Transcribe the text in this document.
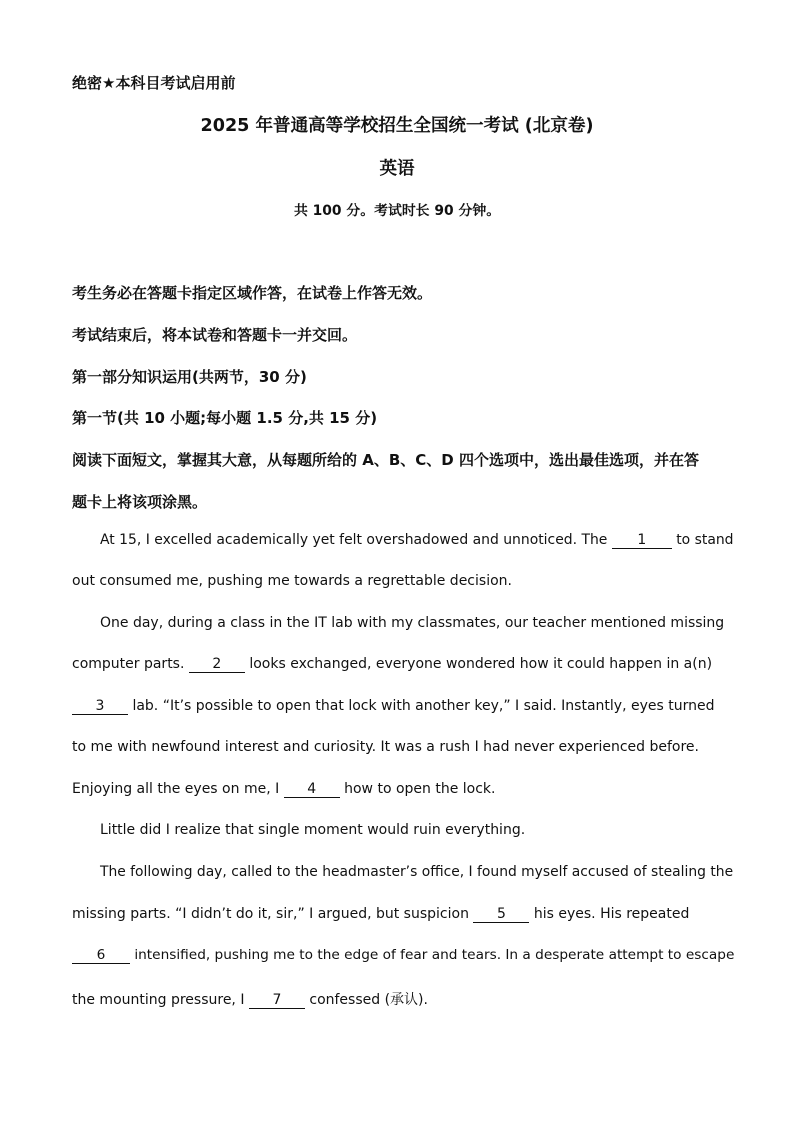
绝密★本科目考试启用前
2025 年普通高等学校招生全国统一考试 (北京卷)
英语
共 100 分。考试时长 90 分钟。
考生务必在答题卡指定区域作答，在试卷上作答无效。
考试结束后，将本试卷和答题卡一并交回。
第一部分知识运用(共两节，30 分)
第一节(共 10 小题;每小题 1.5 分,共 15 分)
阅读下面短文，掌握其大意，从每题所给的 A、B、C、D 四个选项中，选出最佳选项，并在答
题卡上将该项涂黑。
At 15, I excelled academically yet felt overshadowed and unnoticed. The 1 to stand
out consumed me, pushing me towards a regrettable decision.
One day, during a class in the IT lab with my classmates, our teacher mentioned missing
computer parts. 2 looks exchanged, everyone wondered how it could happen in a(n)
3 lab. “It’s possible to open that lock with another key,” I said. Instantly, eyes turned
to me with newfound interest and curiosity. It was a rush I had never experienced before.
Enjoying all the eyes on me, I 4 how to open the lock.
Little did I realize that single moment would ruin everything.
The following day, called to the headmaster’s office, I found myself accused of stealing the
missing parts. “I didn’t do it, sir,” I argued, but suspicion 5 his eyes. His repeated
6 intensified, pushing me to the edge of fear and tears. In a desperate attempt to escape
the mounting pressure, I 7 confessed (承认).
